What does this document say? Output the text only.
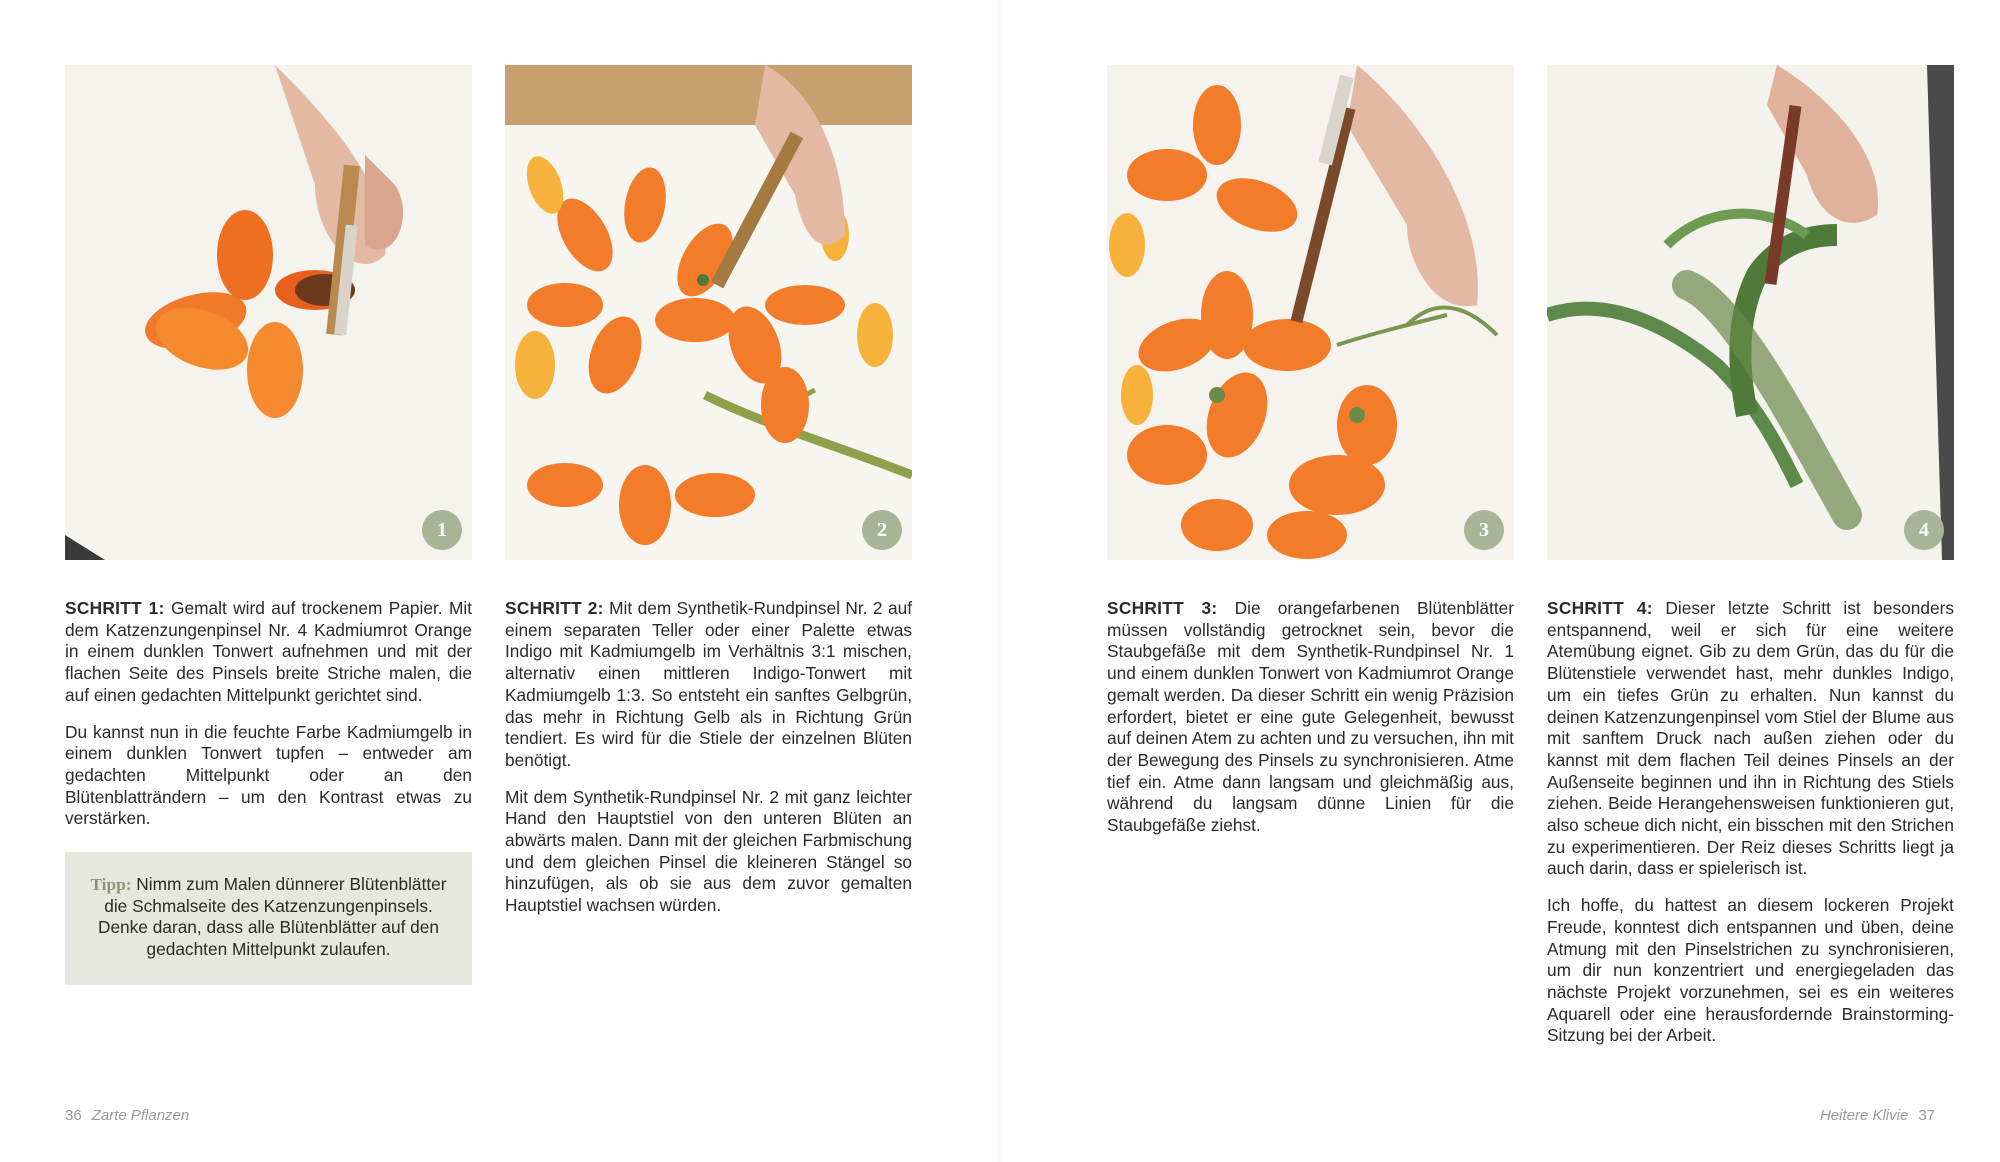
1

SCHRITT 1: Gemalt wird auf trockenem Papier. Mit dem Katzenzungenpinsel Nr. 4 Kadmiumrot Orange in einem dunklen Tonwert aufnehmen und mit der flachen Seite des Pinsels breite Striche malen, die auf einen gedachten Mittelpunkt gerichtet sind.

Du kannst nun in die feuchte Farbe Kadmiumgelb in einem dunklen Tonwert tupfen – entweder am gedachten Mittelpunkt oder an den Blütenblatträndern – um den Kontrast etwas zu verstärken.

Tipp: Nimm zum Malen dünnerer Blütenblätter die Schmalseite des Katzenzungenpinsels. Denke daran, dass alle Blütenblätter auf den gedachten Mittelpunkt zulaufen.
2

SCHRITT 2: Mit dem Synthetik-Rundpinsel Nr. 2 auf einem separaten Teller oder einer Palette etwas Indigo mit Kadmiumgelb im Verhältnis 3:1 mischen, alternativ einen mittleren Indigo-Tonwert mit Kadmiumgelb 1:3. So entsteht ein sanftes Gelbgrün, das mehr in Richtung Gelb als in Richtung Grün tendiert. Es wird für die Stiele der einzelnen Blüten benötigt.

Mit dem Synthetik-Rundpinsel Nr. 2 mit ganz leichter Hand den Hauptstiel von den unteren Blüten an abwärts malen. Dann mit der gleichen Farbmischung und dem gleichen Pinsel die kleineren Stängel so hinzufügen, als ob sie aus dem zuvor gemalten Hauptstiel wachsen würden.

3

SCHRITT 3: Die orangefarbenen Blütenblätter müssen vollständig getrocknet sein, bevor die Staubgefäße mit dem Synthetik-Rundpinsel Nr. 1 und einem dunklen Tonwert von Kadmiumrot Orange gemalt werden. Da dieser Schritt ein wenig Präzision erfordert, bietet er eine gute Gelegenheit, bewusst auf deinen Atem zu achten und zu versuchen, ihn mit der Bewegung des Pinsels zu synchronisieren. Atme tief ein. Atme dann langsam und gleichmäßig aus, während du langsam dünne Linien für die Staubgefäße ziehst.

4

SCHRITT 4: Dieser letzte Schritt ist besonders entspannend, weil er sich für eine weitere Atemübung eignet. Gib zu dem Grün, das du für die Blütenstiele verwendet hast, mehr dunkles Indigo, um ein tiefes Grün zu erhalten. Nun kannst du deinen Katzenzungenpinsel vom Stiel der Blume aus mit sanftem Druck nach außen ziehen oder du kannst mit dem flachen Teil deines Pinsels an der Außenseite beginnen und ihn in Richtung des Stiels ziehen. Beide Herangehensweisen funktionieren gut, also scheue dich nicht, ein bisschen mit den Strichen zu experimentieren. Der Reiz dieses Schritts liegt ja auch darin, dass er spielerisch ist.

Ich hoffe, du hattest an diesem lockeren Projekt Freude, konntest dich entspannen und üben, deine Atmung mit den Pinselstrichen zu synchronisieren, um dir nun konzentriert und energiegeladen das nächste Projekt vorzunehmen, sei es ein weiteres Aquarell oder eine herausfordernde Brainstorming-Sitzung bei der Arbeit.

36 Zarte Pflanzen	Heitere Klivie 37
